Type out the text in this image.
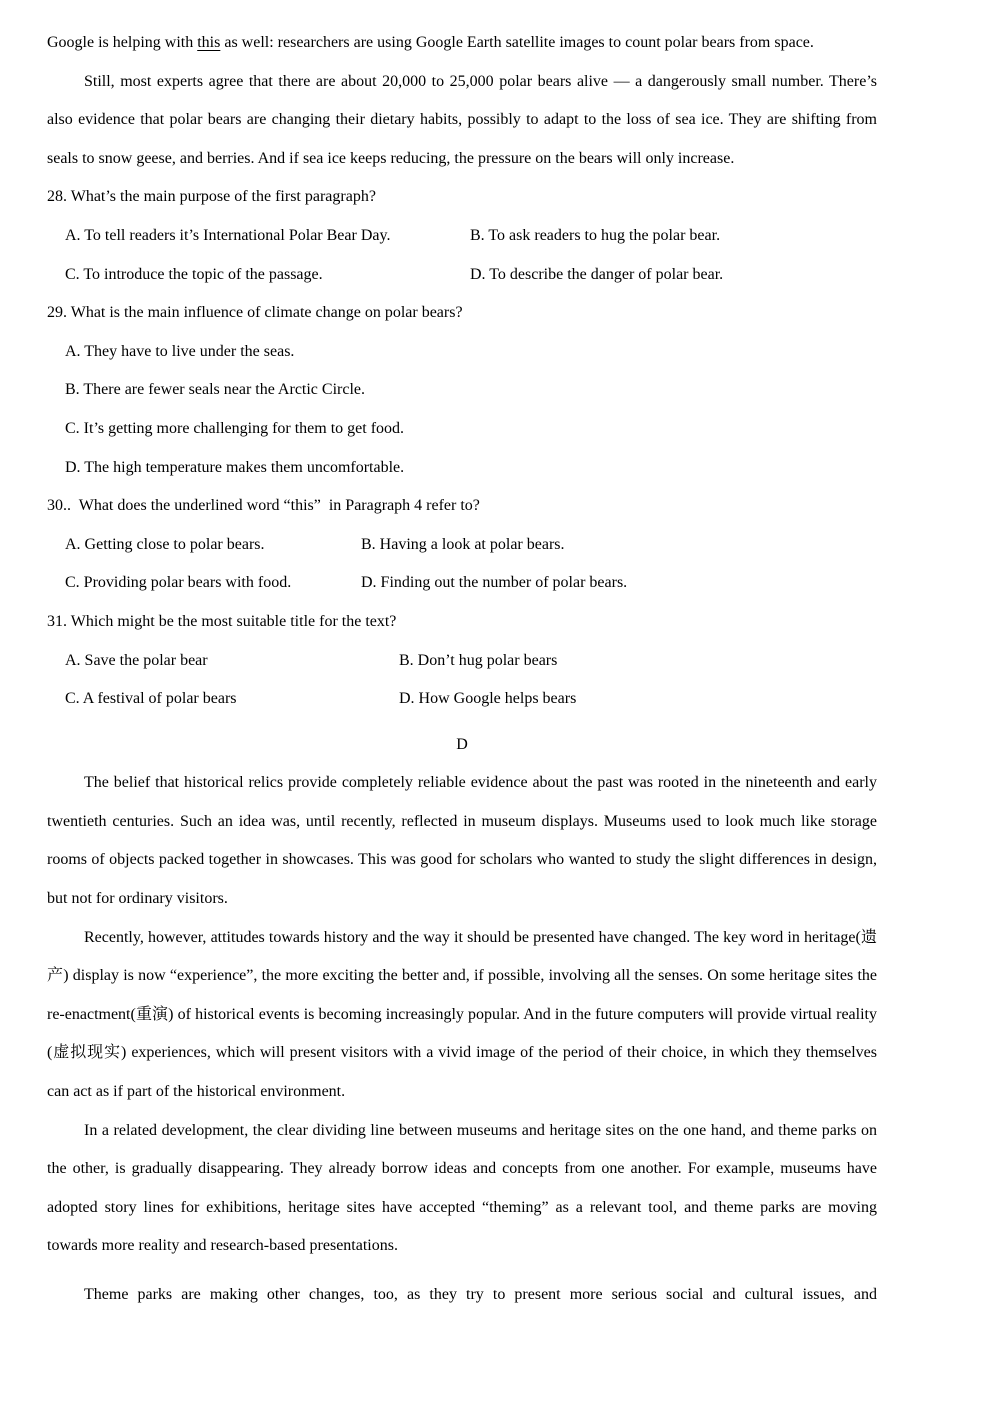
Google is helping with this as well: researchers are using Google Earth satellite images to count polar bears from space.

Still, most experts agree that there are about 20,000 to 25,000 polar bears alive — a dangerously small number. There’s also evidence that polar bears are changing their dietary habits, possibly to adapt to the loss of sea ice. They are shifting from seals to snow geese, and berries. And if sea ice keeps reducing, the pressure on the bears will only increase.

28. What’s the main purpose of the first paragraph?
A. To tell readers it’s International Polar Bear Day.	B. To ask readers to hug the polar bear.
C. To introduce the topic of the passage.	D. To describe the danger of polar bear.
29. What is the main influence of climate change on polar bears?
A. They have to live under the seas.
B. There are fewer seals near the Arctic Circle.
C. It’s getting more challenging for them to get food.
D. The high temperature makes them uncomfortable.
30..  What does the underlined word “this”  in Paragraph 4 refer to?
A. Getting close to polar bears.	B. Having a look at polar bears.
C. Providing polar bears with food.	D. Finding out the number of polar bears.
31. Which might be the most suitable title for the text?
A. Save the polar bear	B. Don’t hug polar bears
C. A festival of polar bears	D. How Google helps bears
D

The belief that historical relics provide completely reliable evidence about the past was rooted in the nineteenth and early twentieth centuries. Such an idea was, until recently, reflected in museum displays. Museums used to look much like storage rooms of objects packed together in showcases. This was good for scholars who wanted to study the slight differences in design, but not for ordinary visitors.

Recently, however, attitudes towards history and the way it should be presented have changed. The key word in heritage(遗产) display is now “experience”, the more exciting the better and, if possible, involving all the senses. On some heritage sites the re-enactment(重演) of historical events is becoming increasingly popular. And in the future computers will provide virtual reality (虚拟现实) experiences, which will present visitors with a vivid image of the period of their choice, in which they themselves can act as if part of the historical environment.

In a related development, the clear dividing line between museums and heritage sites on the one hand, and theme parks on the other, is gradually disappearing. They already borrow ideas and concepts from one another. For example, museums have adopted story lines for exhibitions, heritage sites have accepted “theming” as a relevant tool, and theme parks are moving towards more reality and research-based presentations.

Theme parks are making other changes, too, as they try to present more serious social and cultural issues, and
